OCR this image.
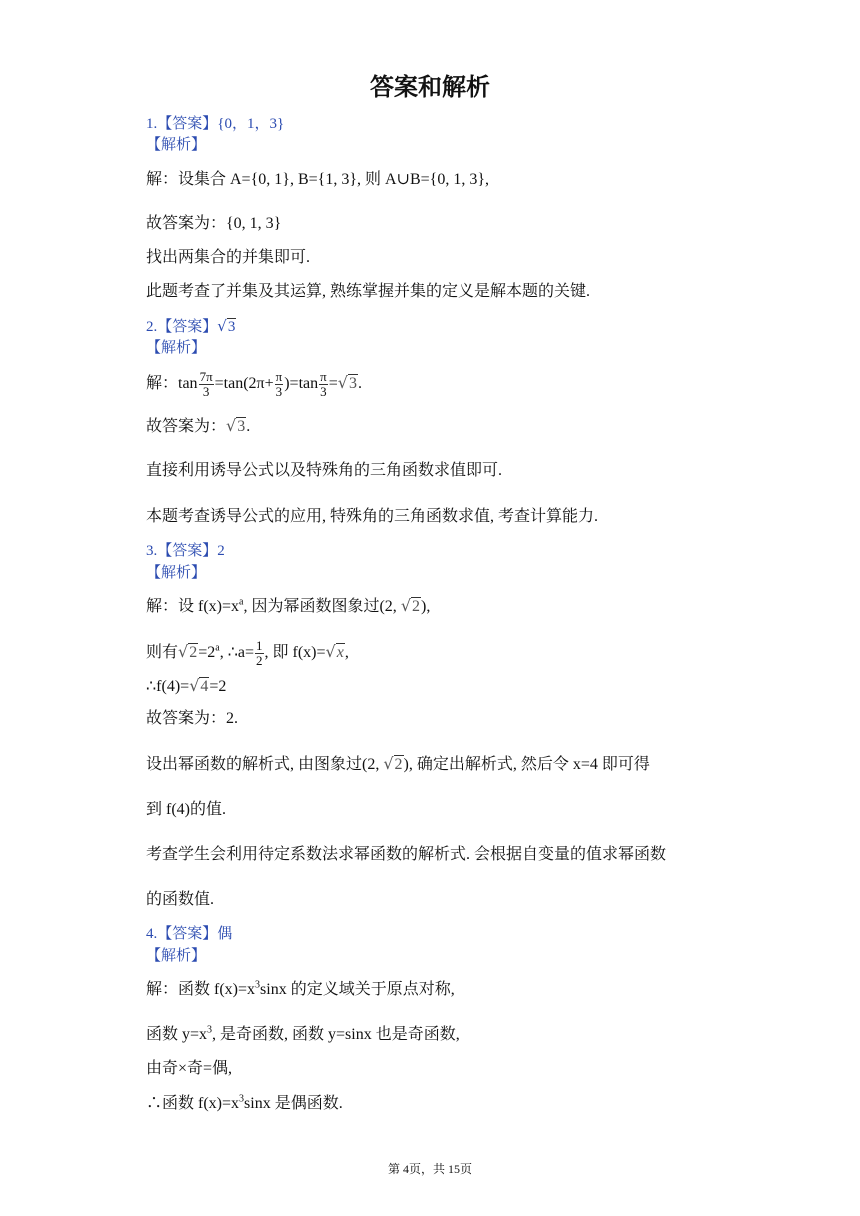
答案和解析
1.【答案】{0，1，3}
【解析】
解：设集合 A={0, 1}, B={1, 3}, 则 A∪B={0, 1, 3},
故答案为：{0, 1, 3}
找出两集合的并集即可.
此题考查了并集及其运算, 熟练掌握并集的定义是解本题的关键.
2.【答案】√3
【解析】
解：$\tan \frac{7\pi}{3} =\tan(2\pi+ \frac{\pi}{3} )=\tan \frac{\pi}{3} =√3$.
故答案为：√3.
直接利用诱导公式以及特殊角的三角函数求值即可.
本题考查诱导公式的应用, 特殊角的三角函数求值, 考查计算能力.
3.【答案】2
【解析】
解：设 $f(x)=x^a$, 因为幂函数图象过(2, √2),
则有$√2=2^a$, ∴a= $\frac{1}{2}$ , 即 f(x)=√x,
∴f(4)=√4=2
故答案为：2.
设出幂函数的解析式, 由图象过(2, √2), 确定出解析式, 然后令 x=4 即可得
到 f(4)的值.
考查学生会利用待定系数法求幂函数的解析式. 会根据自变量的值求幂函数
的函数值.
4.【答案】偶
【解析】
解：函数 $f(x)=x^3\sin x$ 的定义域关于原点对称,
函数 $y=x^3$, 是奇函数, 函数 y=sinx 也是奇函数,
由奇×奇=偶,
∴函数 $f(x)=x^3\sin x$ 是偶函数.
第 4页，共 15页
